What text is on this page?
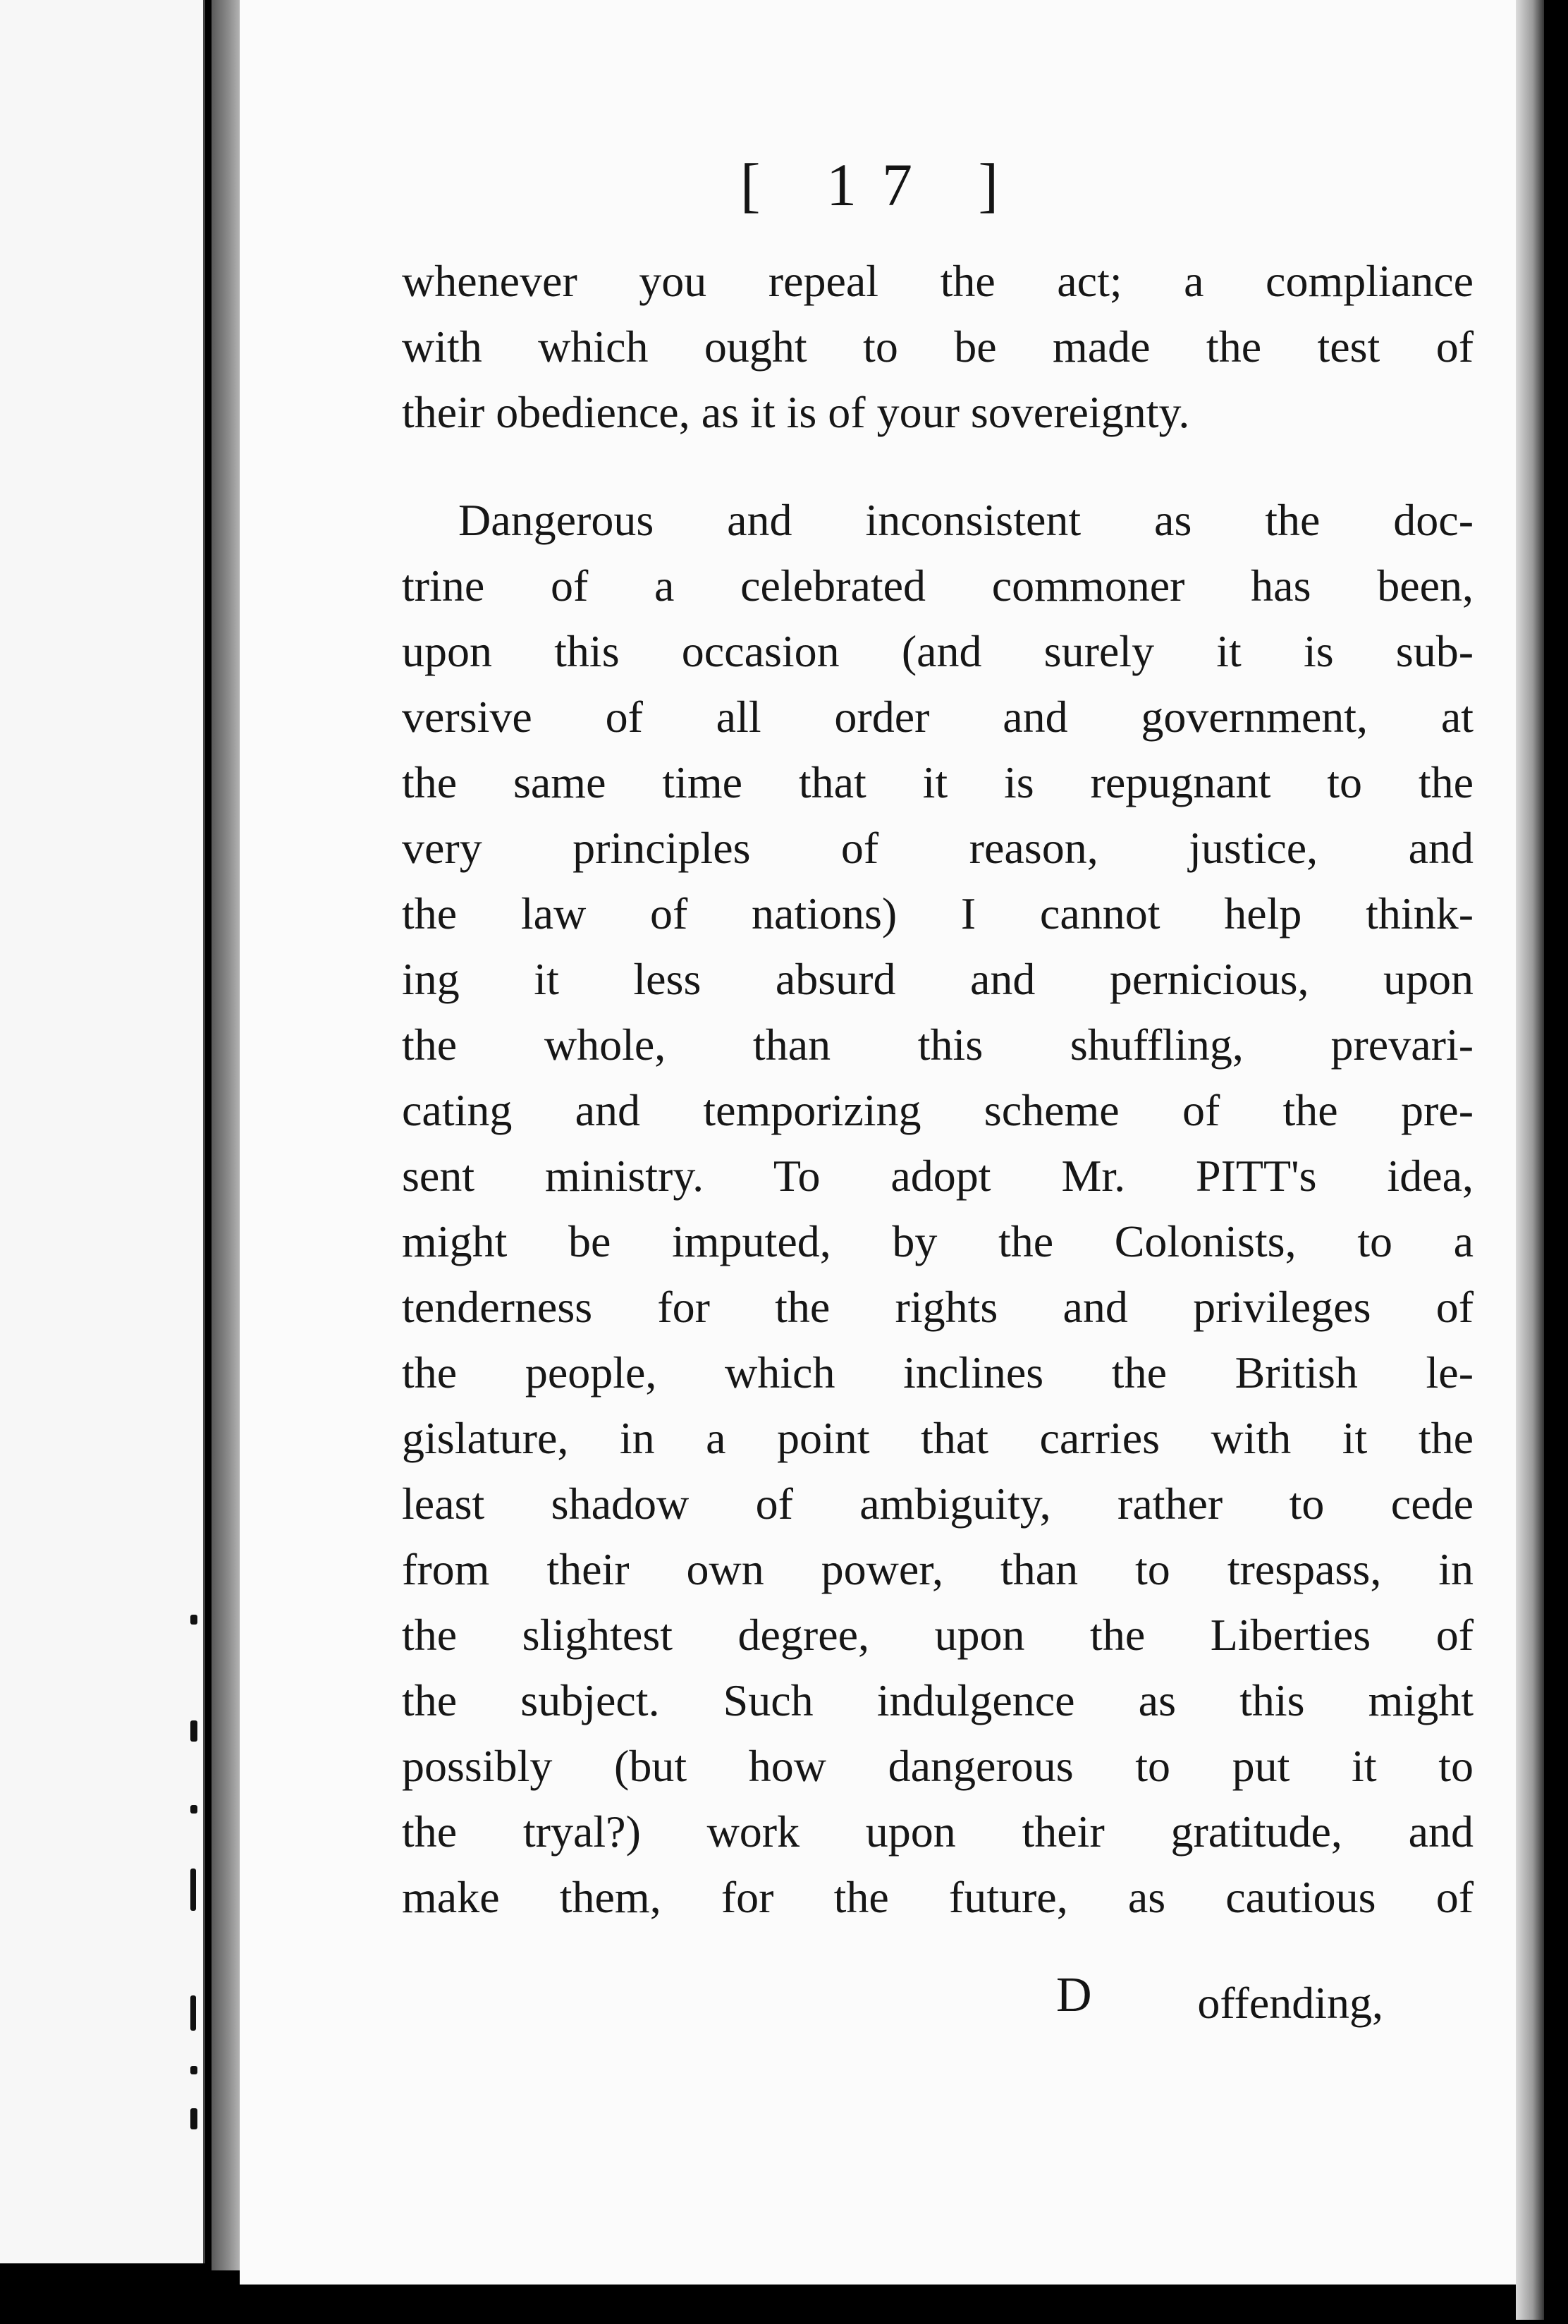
[ 17 ]
whenever you repeal the act; a compliance
with which ought to be made the test of
their obedience, as it is of your sovereignty.
Dangerous and inconsistent as the doc-
trine of a celebrated commoner has been,
upon this occasion (and surely it is sub-
versive of all order and government, at
the same time that it is repugnant to the
very principles of reason, justice, and
the law of nations) I cannot help think-
ing it less absurd and pernicious, upon
the whole, than this shuffling, prevari-
cating and temporizing scheme of the pre-
sent ministry. To adopt Mr. PITT's idea,
might be imputed, by the Colonists, to a
tenderness for the rights and privileges of
the people, which inclines the British le-
gislature, in a point that carries with it the
least shadow of ambiguity, rather to cede
from their own power, than to trespass, in
the slightest degree, upon the Liberties of
the subject. Such indulgence as this might
possibly (but how dangerous to put it to
the tryal?) work upon their gratitude, and
make them, for the future, as cautious of
D offending,
